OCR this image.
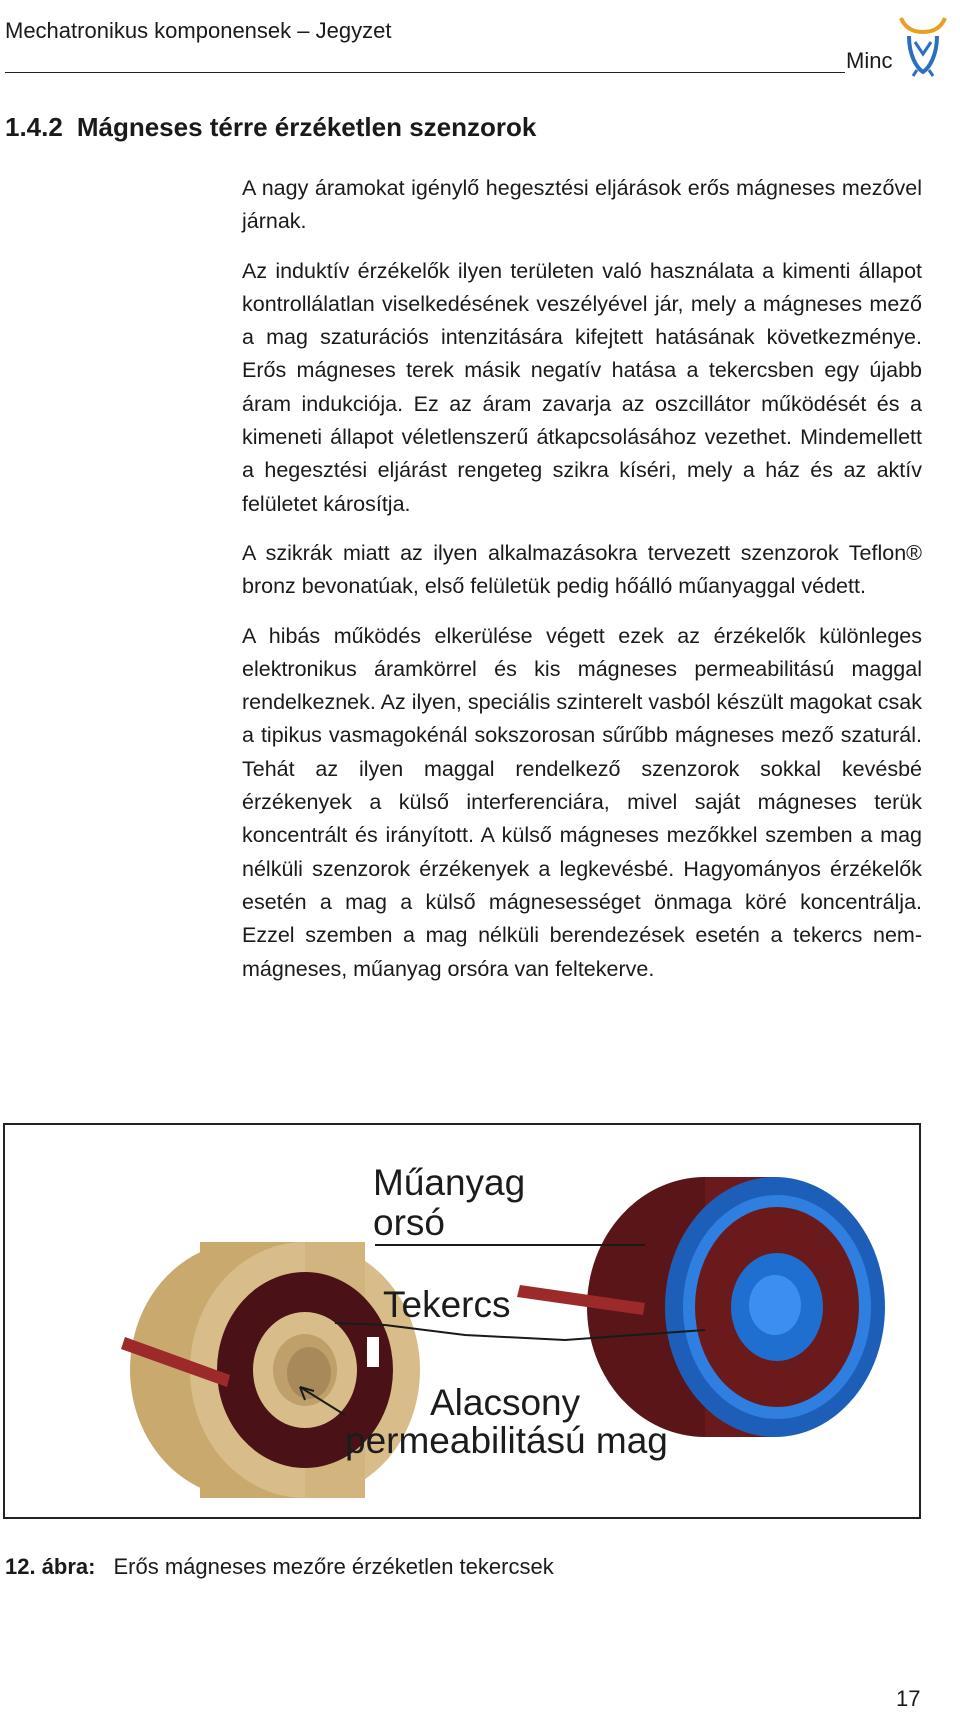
Mechatronikus komponensek – Jegyzet
Minc
1.4.2 Mágneses térre érzéketlen szenzorok

A nagy áramokat igénylő hegesztési eljárások erős mágneses mezővel járnak.

Az induktív érzékelők ilyen területen való használata a kimenti állapot kontrollálatlan viselkedésének veszélyével jár, mely a mágneses mező a mag szaturációs intenzitására kifejtett hatásának következménye. Erős mágneses terek másik negatív hatása a tekercsben egy újabb áram indukciója. Ez az áram zavarja az oszcillátor működését és a kimeneti állapot véletlenszerű átkapcsolásához vezethet. Mindemellett a hegesztési eljárást rengeteg szikra kíséri, mely a ház és az aktív felületet károsítja.

A szikrák miatt az ilyen alkalmazásokra tervezett szenzorok Teflon® bronz bevonatúak, első felületük pedig hőálló műanyaggal védett.

A hibás működés elkerülése végett ezek az érzékelők különleges elektronikus áramkörrel és kis mágneses permeabilitású maggal rendelkeznek. Az ilyen, speciális szinterelt vasból készült magokat csak a tipikus vasmagokénál sokszorosan sűrűbb mágneses mező szaturál. Tehát az ilyen maggal rendelkező szenzorok sokkal kevésbé érzékenyek a külső interferenciára, mivel saját mágneses terük koncentrált és irányított. A külső mágneses mezőkkel szemben a mag nélküli szenzorok érzékenyek a legkevésbé. Hagyományos érzékelők esetén a mag a külső mágnesességet önmaga köré koncentrálja. Ezzel szemben a mag nélküli berendezések esetén a tekercs nem-mágneses, műanyag orsóra van feltekerve.

Műanyag
orsó
Tekercs
Alacsony
permeabilitású mag
12. ábra: Erős mágneses mezőre érzéketlen tekercsek
17
